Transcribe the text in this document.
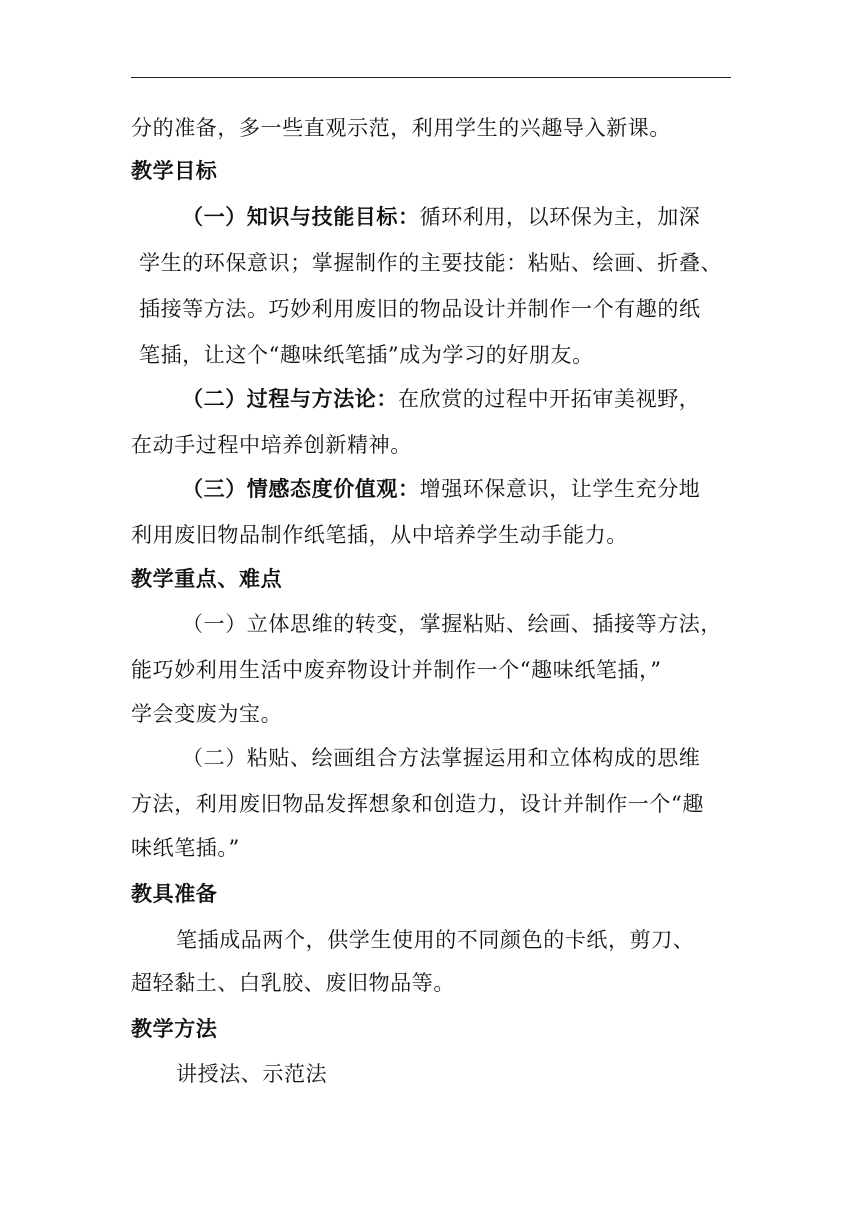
分的准备，多一些直观示范，利用学生的兴趣导入新课。
教学目标
（一）知识与技能目标：循环利用，以环保为主，加深
学生的环保意识；掌握制作的主要技能：粘贴、绘画、折叠、
插接等方法。巧妙利用废旧的物品设计并制作一个有趣的纸
笔插，让这个“趣味纸笔插”成为学习的好朋友。
（二）过程与方法论：在欣赏的过程中开拓审美视野，
在动手过程中培养创新精神。
（三）情感态度价值观：增强环保意识，让学生充分地
利用废旧物品制作纸笔插，从中培养学生动手能力。
教学重点、难点
（一）立体思维的转变，掌握粘贴、绘画、插接等方法，
能巧妙利用生活中废弃物设计并制作一个“趣味纸笔插，”
学会变废为宝。
（二）粘贴、绘画组合方法掌握运用和立体构成的思维
方法，利用废旧物品发挥想象和创造力，设计并制作一个“趣
味纸笔插。”
教具准备
笔插成品两个，供学生使用的不同颜色的卡纸，剪刀、
超轻黏土、白乳胶、废旧物品等。
教学方法
讲授法、示范法
